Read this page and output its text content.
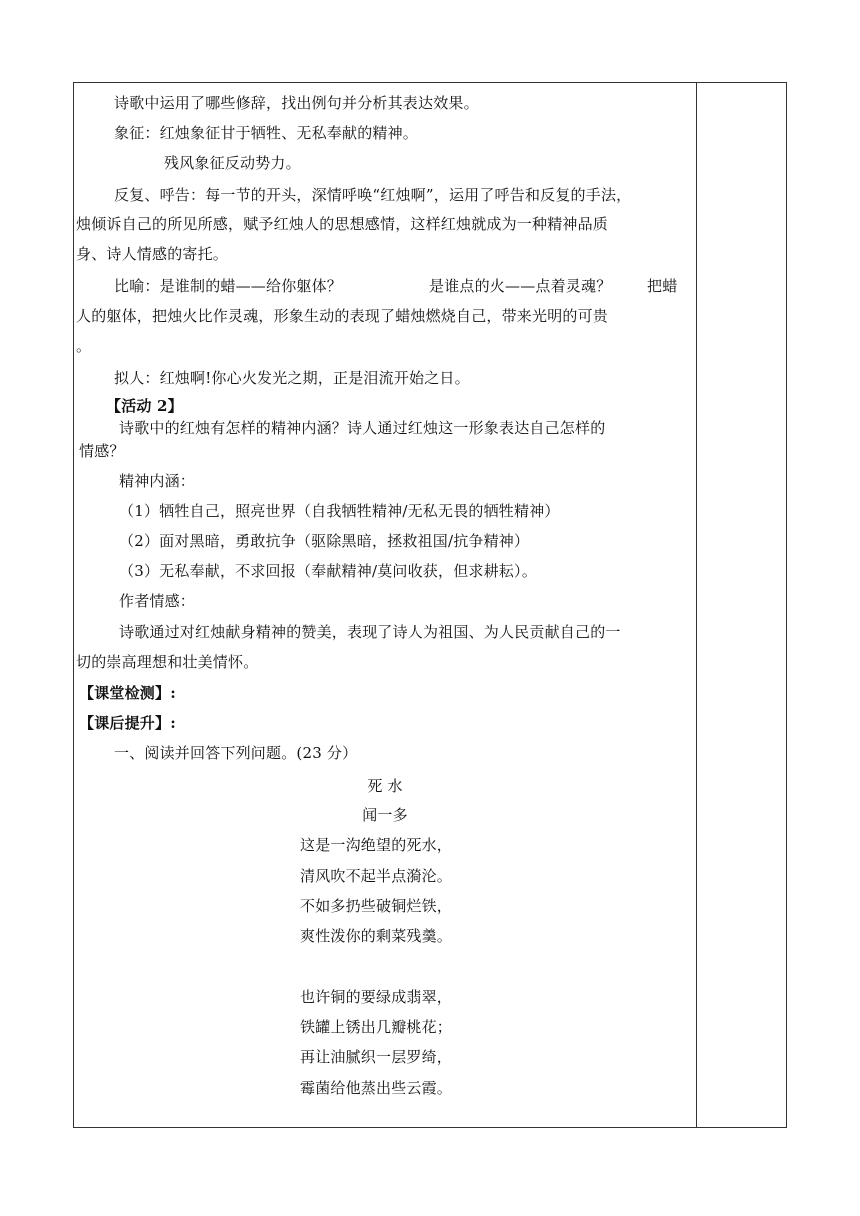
诗歌中运用了哪些修辞，找出例句并分析其表达效果。
象征：红烛象征甘于牺牲、无私奉献的精神。
残风象征反动势力。
反复、呼告：每一节的开头，深情呼唤“红烛啊”，运用了呼告和反复的手法，
烛倾诉自己的所见所感，赋予红烛人的思想感情，这样红烛就成为一种精神品质
身、诗人情感的寄托。
比喻：是谁制的蜡——给你躯体？	是谁点的火——点着灵魂？ 把蜡
人的躯体，把烛火比作灵魂，形象生动的表现了蜡烛燃烧自己，带来光明的可贵
。
拟人：红烛啊!你心火发光之期，正是泪流开始之日。
【活动 2】
诗歌中的红烛有怎样的精神内涵？诗人通过红烛这一形象表达自己怎样的
情感？
精神内涵：
（1）牺牲自己，照亮世界（自我牺牲精神/无私无畏的牺牲精神）
（2）面对黑暗，勇敢抗争（驱除黑暗，拯救祖国/抗争精神）
（3）无私奉献，不求回报（奉献精神/莫问收获，但求耕耘）。
作者情感：
诗歌通过对红烛献身精神的赞美，表现了诗人为祖国、为人民贡献自己的一
切的崇高理想和壮美情怀。
【课堂检测】:
【课后提升】:
一、阅读并回答下列问题。(23 分）
死 水
闻一多
这是一沟绝望的死水，
清风吹不起半点漪沦。
不如多扔些破铜烂铁，
爽性泼你的剩菜残羹。
也许铜的要绿成翡翠，
铁罐上锈出几瓣桃花；
再让油腻织一层罗绮，
霉菌给他蒸出些云霞。
